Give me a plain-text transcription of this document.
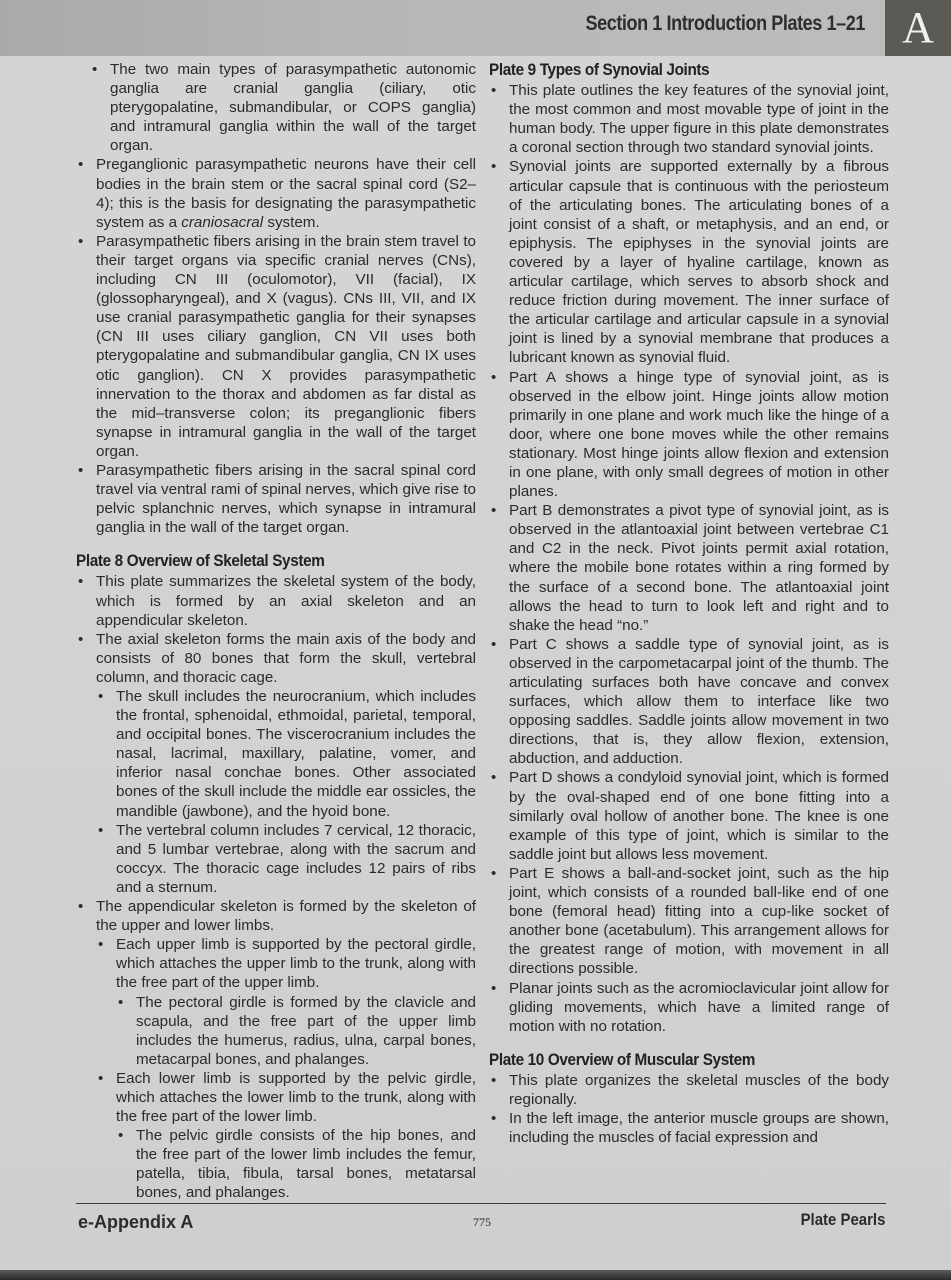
Section 1 Introduction Plates 1–21 A
• The two main types of parasympathetic autonomic ganglia are cranial ganglia (ciliary, otic pterygopalatine, submandibular, or COPS ganglia) and intramural ganglia within the wall of the target organ.
• Preganglionic parasympathetic neurons have their cell bodies in the brain stem or the sacral spinal cord (S2–4); this is the basis for designating the parasympathetic system as a craniosacral system.
• Parasympathetic fibers arising in the brain stem travel to their target organs via specific cranial nerves (CNs), including CN III (oculomotor), VII (facial), IX (glossopharyngeal), and X (vagus). CNs III, VII, and IX use cranial parasympathetic ganglia for their synapses (CN III uses ciliary ganglion, CN VII uses both pterygopalatine and submandibular ganglia, CN IX uses otic ganglion). CN X provides parasympathetic innervation to the thorax and abdomen as far distal as the mid–transverse colon; its preganglionic fibers synapse in intramural ganglia in the wall of the target organ.
• Parasympathetic fibers arising in the sacral spinal cord travel via ventral rami of spinal nerves, which give rise to pelvic splanchnic nerves, which synapse in intramural ganglia in the wall of the target organ.
Plate 8 Overview of Skeletal System
• This plate summarizes the skeletal system of the body, which is formed by an axial skeleton and an appendicular skeleton.
• The axial skeleton forms the main axis of the body and consists of 80 bones that form the skull, vertebral column, and thoracic cage.
• The skull includes the neurocranium, which includes the frontal, sphenoidal, ethmoidal, parietal, temporal, and occipital bones. The viscerocranium includes the nasal, lacrimal, maxillary, palatine, vomer, and inferior nasal conchae bones. Other associated bones of the skull include the middle ear ossicles, the mandible (jawbone), and the hyoid bone.
• The vertebral column includes 7 cervical, 12 thoracic, and 5 lumbar vertebrae, along with the sacrum and coccyx. The thoracic cage includes 12 pairs of ribs and a sternum.
• The appendicular skeleton is formed by the skeleton of the upper and lower limbs.
• Each upper limb is supported by the pectoral girdle, which attaches the upper limb to the trunk, along with the free part of the upper limb.
• The pectoral girdle is formed by the clavicle and scapula, and the free part of the upper limb includes the humerus, radius, ulna, carpal bones, metacarpal bones, and phalanges.
• Each lower limb is supported by the pelvic girdle, which attaches the lower limb to the trunk, along with the free part of the lower limb.
• The pelvic girdle consists of the hip bones, and the free part of the lower limb includes the femur, patella, tibia, fibula, tarsal bones, metatarsal bones, and phalanges.
Plate 9 Types of Synovial Joints
• This plate outlines the key features of the synovial joint, the most common and most movable type of joint in the human body. The upper figure in this plate demonstrates a coronal section through two standard synovial joints.
• Synovial joints are supported externally by a fibrous articular capsule that is continuous with the periosteum of the articulating bones. The articulating bones of a joint consist of a shaft, or metaphysis, and an end, or epiphysis. The epiphyses in the synovial joints are covered by a layer of hyaline cartilage, known as articular cartilage, which serves to absorb shock and reduce friction during movement. The inner surface of the articular cartilage and articular capsule in a synovial joint is lined by a synovial membrane that produces a lubricant known as synovial fluid.
• Part A shows a hinge type of synovial joint, as is observed in the elbow joint. Hinge joints allow motion primarily in one plane and work much like the hinge of a door, where one bone moves while the other remains stationary. Most hinge joints allow flexion and extension in one plane, with only small degrees of motion in other planes.
• Part B demonstrates a pivot type of synovial joint, as is observed in the atlantoaxial joint between vertebrae C1 and C2 in the neck. Pivot joints permit axial rotation, where the mobile bone rotates within a ring formed by the surface of a second bone. The atlantoaxial joint allows the head to turn to look left and right and to shake the head “no.”
• Part C shows a saddle type of synovial joint, as is observed in the carpometacarpal joint of the thumb. The articulating surfaces both have concave and convex surfaces, which allow them to interface like two opposing saddles. Saddle joints allow movement in two directions, that is, they allow flexion, extension, abduction, and adduction.
• Part D shows a condyloid synovial joint, which is formed by the oval-shaped end of one bone fitting into a similarly oval hollow of another bone. The knee is one example of this type of joint, which is similar to the saddle joint but allows less movement.
• Part E shows a ball-and-socket joint, such as the hip joint, which consists of a rounded ball-like end of one bone (femoral head) fitting into a cup-like socket of another bone (acetabulum). This arrangement allows for the greatest range of motion, with movement in all directions possible.
• Planar joints such as the acromioclavicular joint allow for gliding movements, which have a limited range of motion with no rotation.
Plate 10 Overview of Muscular System
• This plate organizes the skeletal muscles of the body regionally.
• In the left image, the anterior muscle groups are shown, including the muscles of facial expression and
e-Appendix A	775	Plate Pearls
